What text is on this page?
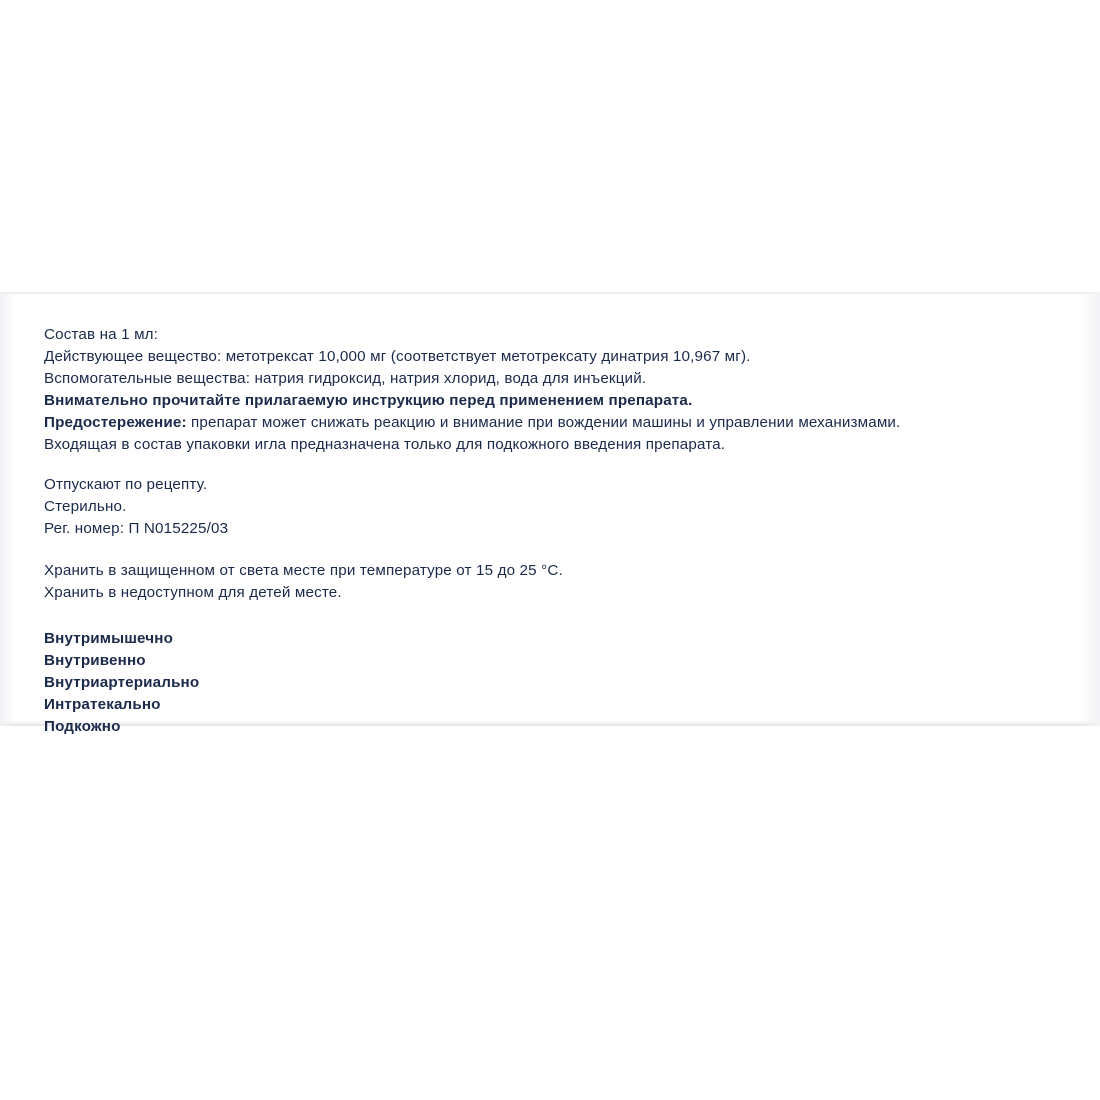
Состав на 1 мл:
Действующее вещество: метотрексат 10,000 мг (соответствует метотрексату динатрия 10,967 мг).
Вспомогательные вещества: натрия гидроксид, натрия хлорид, вода для инъекций.
Внимательно прочитайте прилагаемую инструкцию перед применением препарата.
Предостережение: препарат может снижать реакцию и внимание при вождении машины и управлении механизмами.
Входящая в состав упаковки игла предназначена только для подкожного введения препарата.
Отпускают по рецепту.
Стерильно.
Рег. номер: П N015225/03
Хранить в защищенном от света месте при температуре от 15 до 25 °C.
Хранить в недоступном для детей месте.
Внутримышечно
Внутривенно
Внутриартериально
Интратекально
Подкожно
